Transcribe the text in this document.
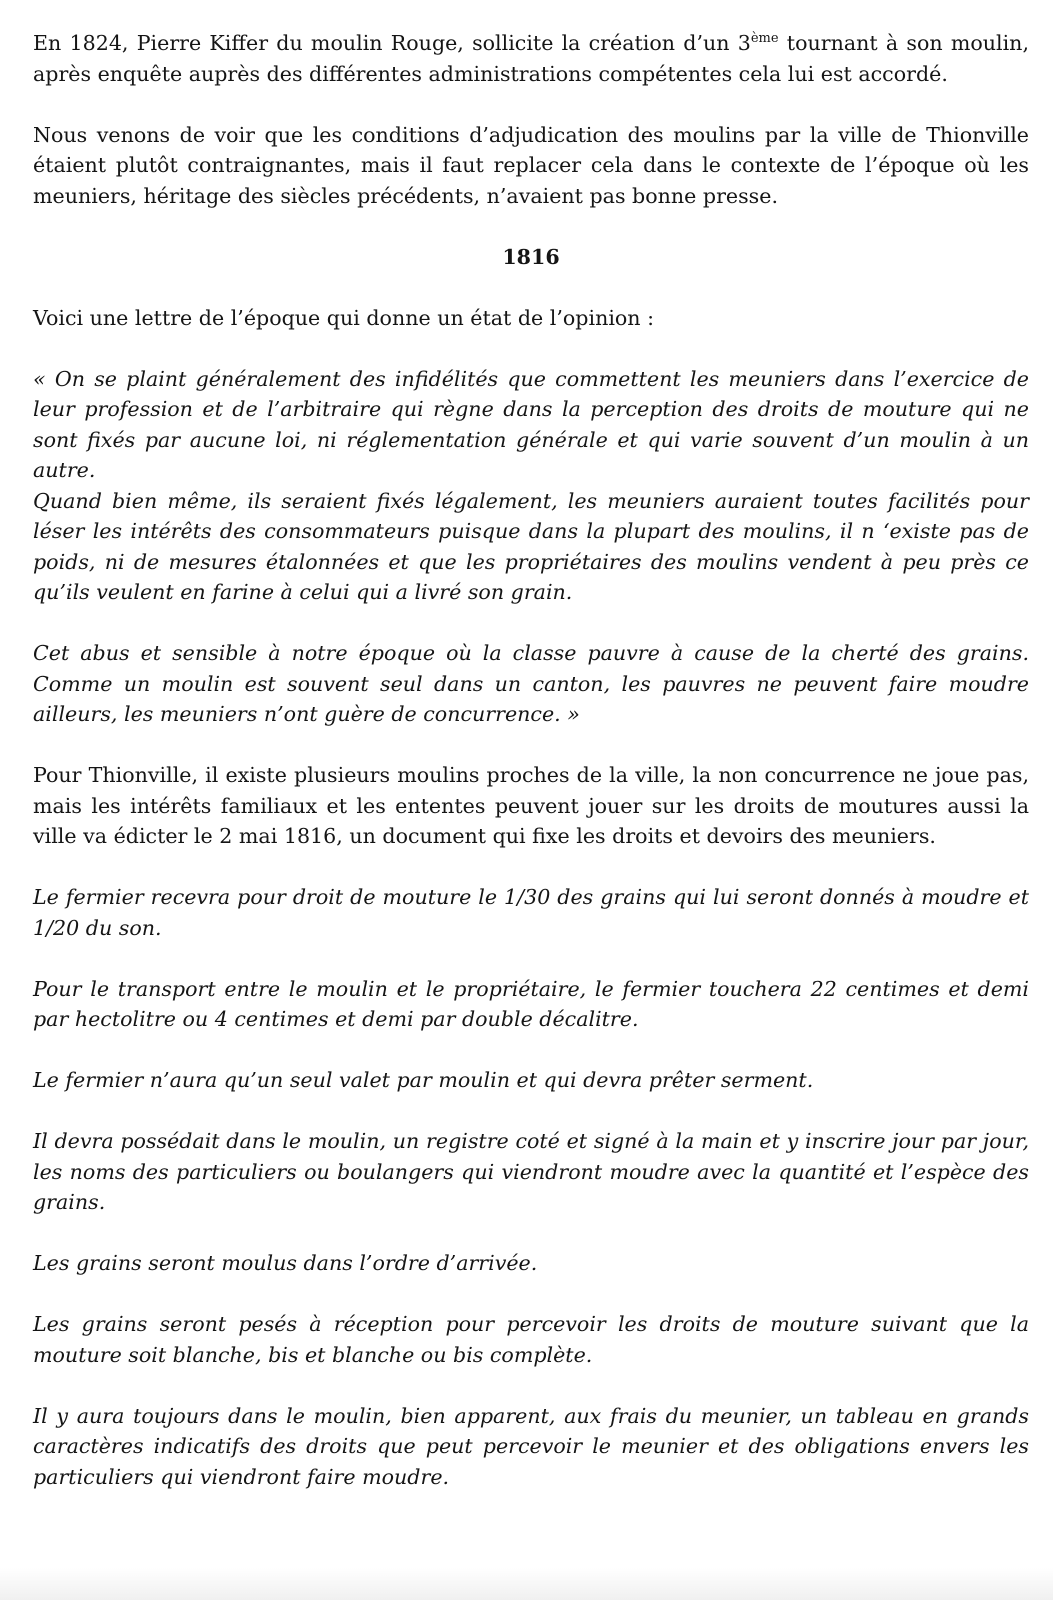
En 1824, Pierre Kiffer du moulin Rouge, sollicite la création d’un 3ème tournant à son moulin, après enquête auprès des différentes administrations compétentes cela lui est accordé.

Nous venons de voir que les conditions d’adjudication des moulins par la ville de Thionville étaient plutôt contraignantes, mais il faut replacer cela dans le contexte de l’époque où les meuniers, héritage des siècles précédents, n’avaient pas bonne presse.

1816

Voici une lettre de l’époque qui donne un état de l’opinion :

« On se plaint généralement des infidélités que commettent les meuniers dans l’exercice de leur profession et de l’arbitraire qui règne dans la perception des droits de mouture qui ne sont fixés par aucune loi, ni réglementation générale et qui varie souvent d’un moulin à un autre.

Quand bien même, ils seraient fixés légalement, les meuniers auraient toutes facilités pour léser les intérêts des consommateurs puisque dans la plupart des moulins, il n ‘existe pas de poids, ni de mesures étalonnées et que les propriétaires des moulins vendent à peu près ce qu’ils veulent en farine à celui qui a livré son grain.

Cet abus et sensible à notre époque où la classe pauvre à cause de la cherté des grains. Comme un moulin est souvent seul dans un canton, les pauvres ne peuvent faire moudre ailleurs, les meuniers n’ont guère de concurrence. »

Pour Thionville, il existe plusieurs moulins proches de la ville, la non concurrence ne joue pas, mais les intérêts familiaux et les ententes peuvent jouer sur les droits de moutures aussi la ville va édicter le 2 mai 1816, un document qui fixe les droits et devoirs des meuniers.

Le fermier recevra pour droit de mouture le 1/30 des grains qui lui seront donnés à moudre et 1/20 du son.

Pour le transport entre le moulin et le propriétaire, le fermier touchera 22 centimes et demi par hectolitre ou 4 centimes et demi par double décalitre.

Le fermier n’aura qu’un seul valet par moulin et qui devra prêter serment.

Il devra possédait dans le moulin, un registre coté et signé à la main et y inscrire jour par jour, les noms des particuliers ou boulangers qui viendront moudre avec la quantité et l’espèce des grains.

Les grains seront moulus dans l’ordre d’arrivée.

Les grains seront pesés à réception pour percevoir les droits de mouture suivant que la mouture soit blanche, bis et blanche ou bis complète.

Il y aura toujours dans le moulin, bien apparent, aux frais du meunier, un tableau en grands caractères indicatifs des droits que peut percevoir le meunier et des obligations envers les particuliers qui viendront faire moudre.
